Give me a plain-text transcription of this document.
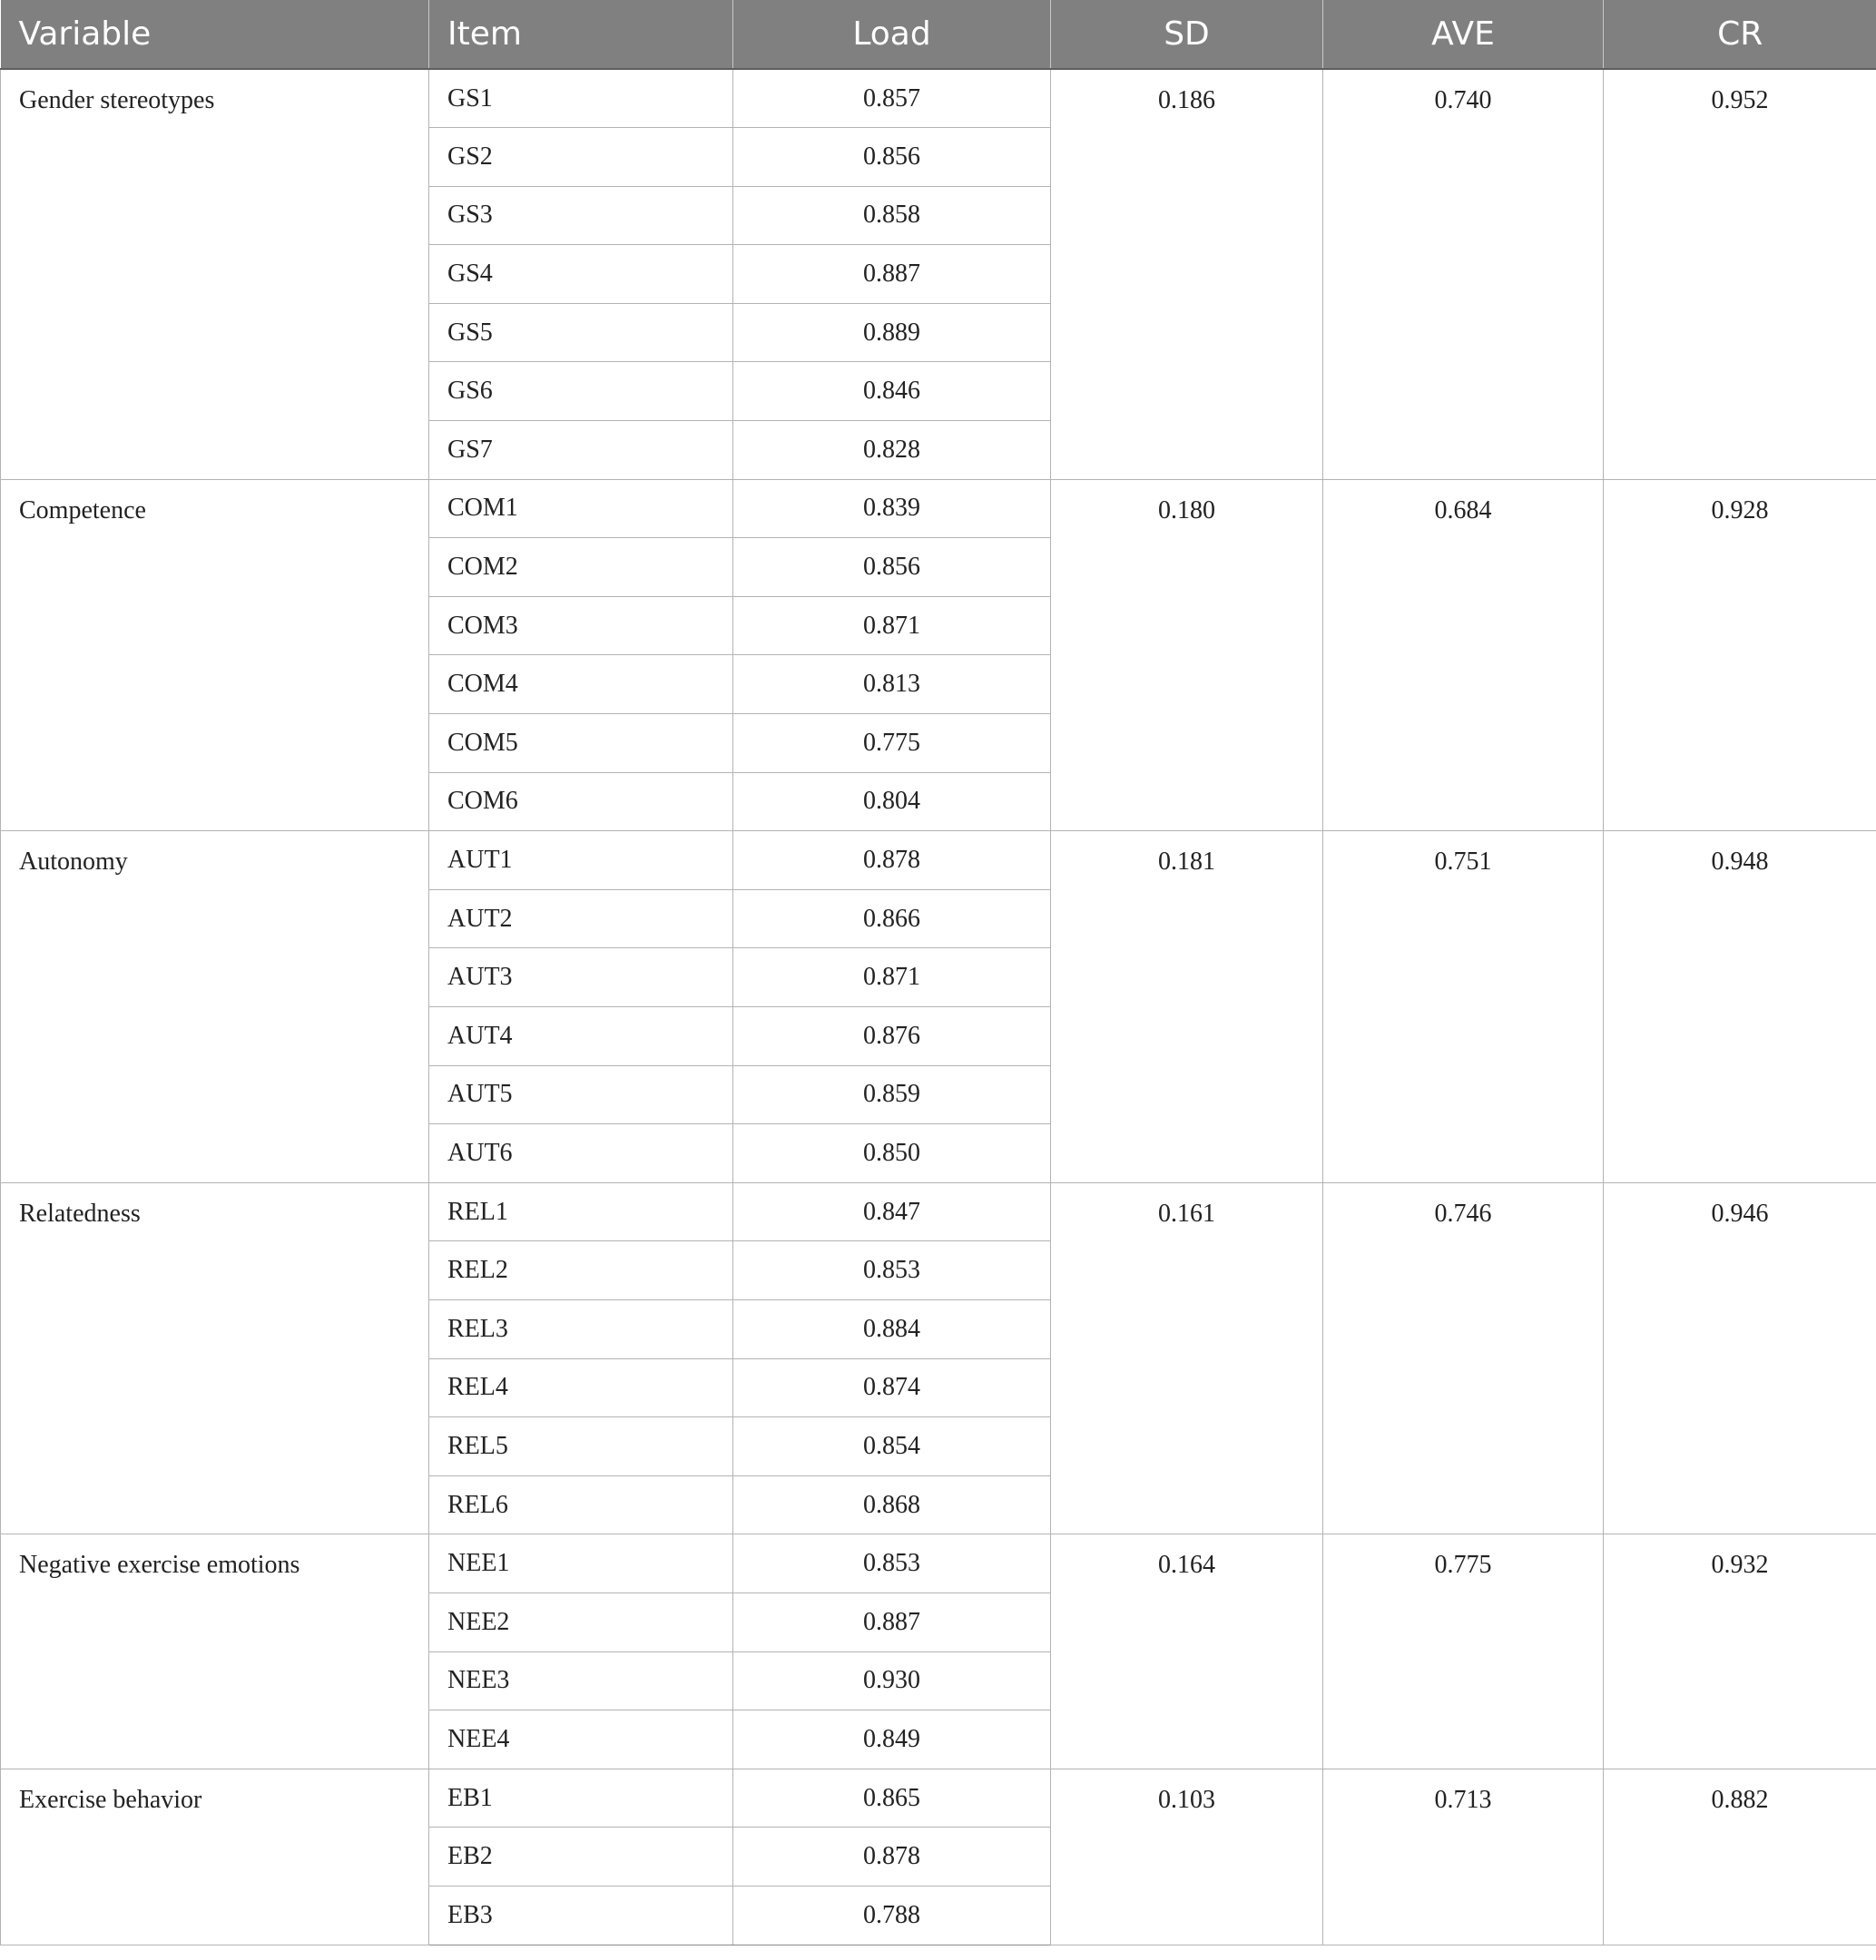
Variable	Item	Load	SD	AVE	CR
Gender stereotypes	GS1	0.857	0.186	0.740	0.952
	GS2	0.856			
	GS3	0.858			
	GS4	0.887			
	GS5	0.889			
	GS6	0.846			
	GS7	0.828			
Competence	COM1	0.839	0.180	0.684	0.928
	COM2	0.856			
	COM3	0.871			
	COM4	0.813			
	COM5	0.775			
	COM6	0.804			
Autonomy	AUT1	0.878	0.181	0.751	0.948
	AUT2	0.866			
	AUT3	0.871			
	AUT4	0.876			
	AUT5	0.859			
	AUT6	0.850			
Relatedness	REL1	0.847	0.161	0.746	0.946
	REL2	0.853			
	REL3	0.884			
	REL4	0.874			
	REL5	0.854			
	REL6	0.868			
Negative exercise emotions	NEE1	0.853	0.164	0.775	0.932
	NEE2	0.887			
	NEE3	0.930			
	NEE4	0.849			
Exercise behavior	EB1	0.865	0.103	0.713	0.882
	EB2	0.878			
	EB3	0.788			
